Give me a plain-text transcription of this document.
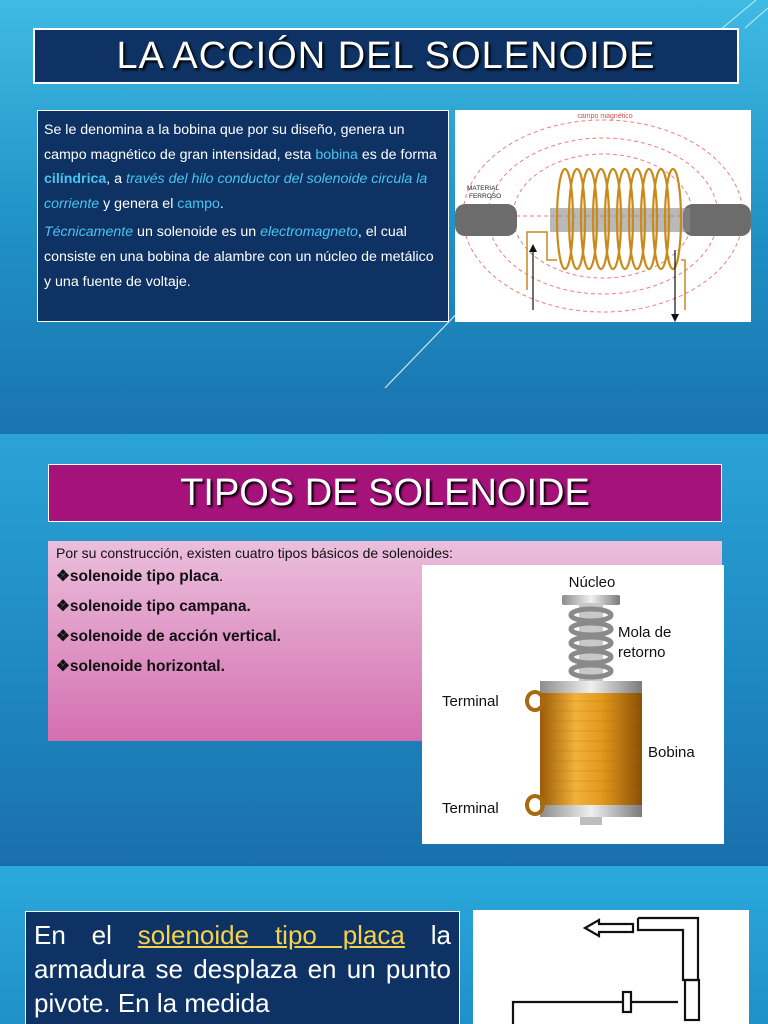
LA ACCIÓN DEL SOLENOIDE

Se le denomina a la bobina que por su diseño, genera un campo magnético de gran intensidad, esta bobina es de forma cilíndrica, a través del hilo conductor del solenoide circula la corriente y genera el campo.

Técnicamente un solenoide es un electromagneto, el cual consiste en una bobina de alambre con un núcleo de metálico y una fuente de voltaje.

campo magnético
MATERIAL
FERROSO
TIPOS DE SOLENOIDE

Por su construcción, existen cuatro tipos básicos de solenoides:

❖solenoide tipo placa.
❖solenoide tipo campana.
❖solenoide de acción vertical.
❖solenoide horizontal.
Núcleo
Mola de
retorno
Terminal
Bobina
Terminal
En el solenoide tipo placa la armadura se desplaza en un punto pivote. En la medida
